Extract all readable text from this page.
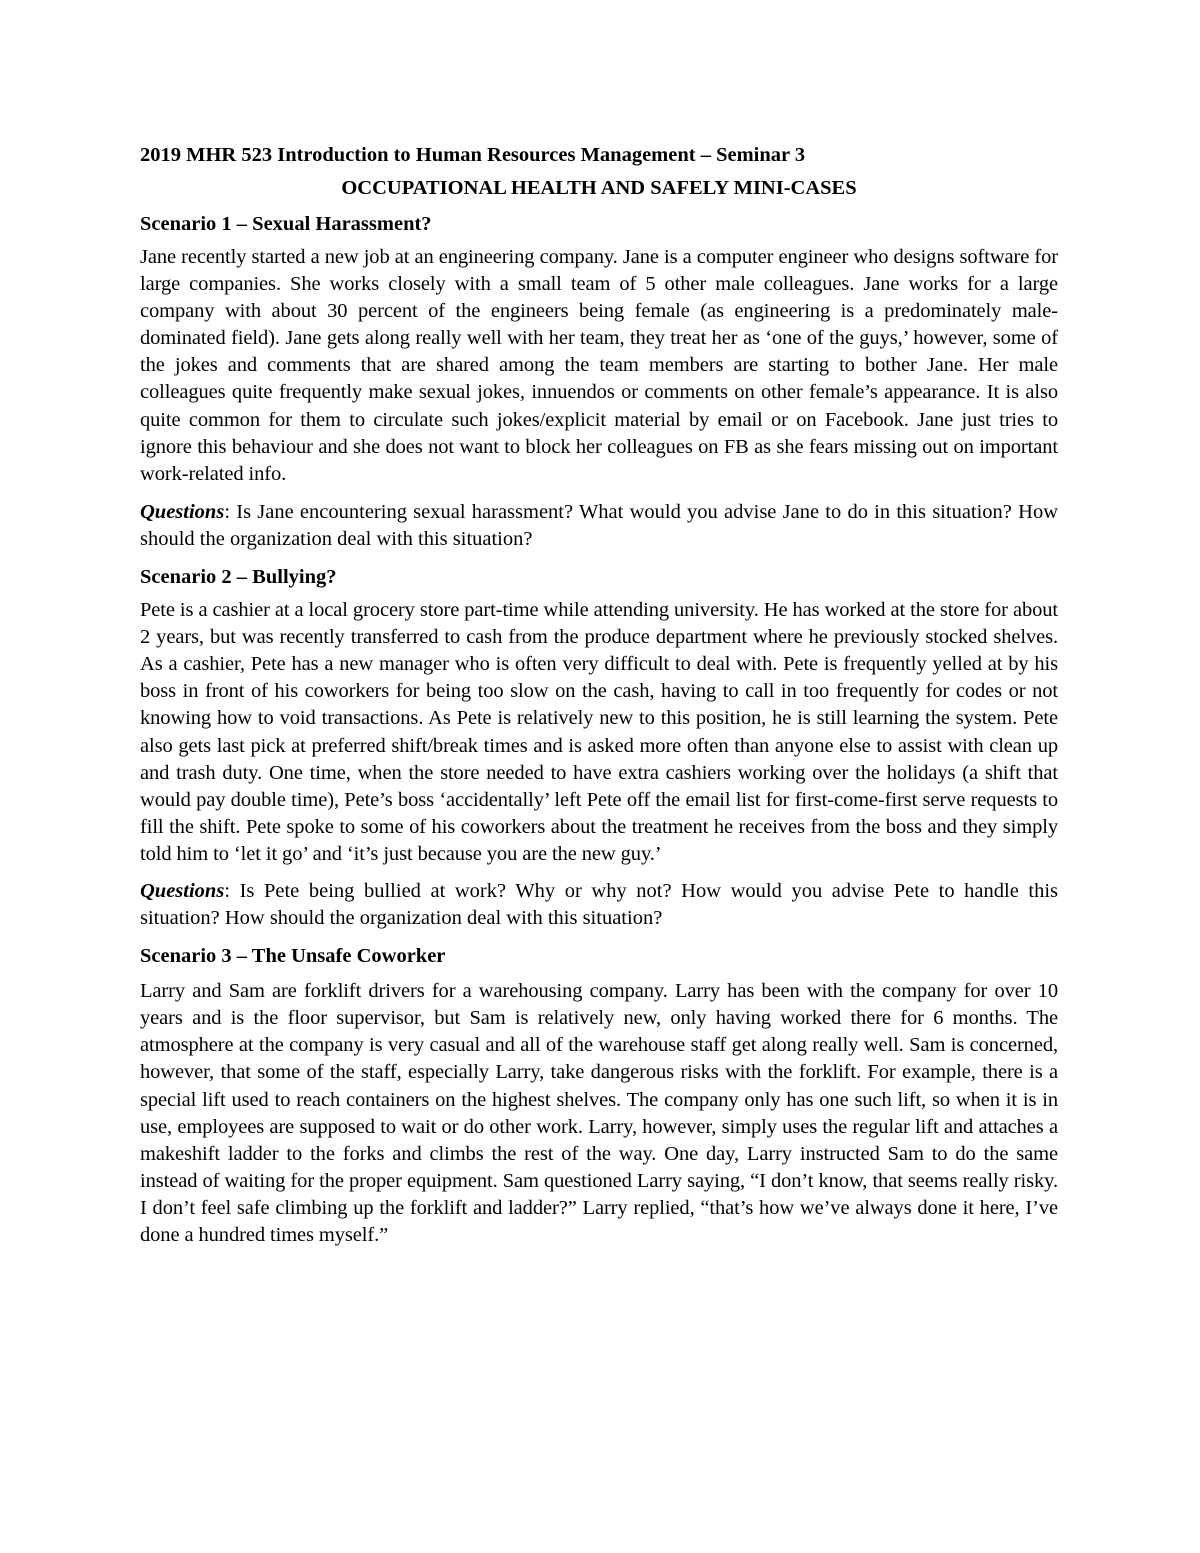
2019 MHR 523 Introduction to Human Resources Management – Seminar 3

OCCUPATIONAL HEALTH AND SAFELY MINI-CASES

Scenario 1 – Sexual Harassment?

Jane recently started a new job at an engineering company. Jane is a computer engineer who designs software for large companies. She works closely with a small team of 5 other male colleagues. Jane works for a large company with about 30 percent of the engineers being female (as engineering is a predominately male-dominated field). Jane gets along really well with her team, they treat her as ‘one of the guys,’ however, some of the jokes and comments that are shared among the team members are starting to bother Jane. Her male colleagues quite frequently make sexual jokes, innuendos or comments on other female’s appearance. It is also quite common for them to circulate such jokes/explicit material by email or on Facebook. Jane just tries to ignore this behaviour and she does not want to block her colleagues on FB as she fears missing out on important work-related info.

Questions: Is Jane encountering sexual harassment? What would you advise Jane to do in this situation? How should the organization deal with this situation?

Scenario 2 – Bullying?

Pete is a cashier at a local grocery store part-time while attending university. He has worked at the store for about 2 years, but was recently transferred to cash from the produce department where he previously stocked shelves. As a cashier, Pete has a new manager who is often very difficult to deal with. Pete is frequently yelled at by his boss in front of his coworkers for being too slow on the cash, having to call in too frequently for codes or not knowing how to void transactions. As Pete is relatively new to this position, he is still learning the system. Pete also gets last pick at preferred shift/break times and is asked more often than anyone else to assist with clean up and trash duty. One time, when the store needed to have extra cashiers working over the holidays (a shift that would pay double time), Pete’s boss ‘accidentally’ left Pete off the email list for first-come-first serve requests to fill the shift. Pete spoke to some of his coworkers about the treatment he receives from the boss and they simply told him to ‘let it go’ and ‘it’s just because you are the new guy.’

Questions: Is Pete being bullied at work? Why or why not? How would you advise Pete to handle this situation? How should the organization deal with this situation?

Scenario 3 – The Unsafe Coworker

Larry and Sam are forklift drivers for a warehousing company. Larry has been with the company for over 10 years and is the floor supervisor, but Sam is relatively new, only having worked there for 6 months. The atmosphere at the company is very casual and all of the warehouse staff get along really well. Sam is concerned, however, that some of the staff, especially Larry, take dangerous risks with the forklift. For example, there is a special lift used to reach containers on the highest shelves. The company only has one such lift, so when it is in use, employees are supposed to wait or do other work. Larry, however, simply uses the regular lift and attaches a makeshift ladder to the forks and climbs the rest of the way. One day, Larry instructed Sam to do the same instead of waiting for the proper equipment. Sam questioned Larry saying, “I don’t know, that seems really risky. I don’t feel safe climbing up the forklift and ladder?” Larry replied, “that’s how we’ve always done it here, I’ve done a hundred times myself.”
